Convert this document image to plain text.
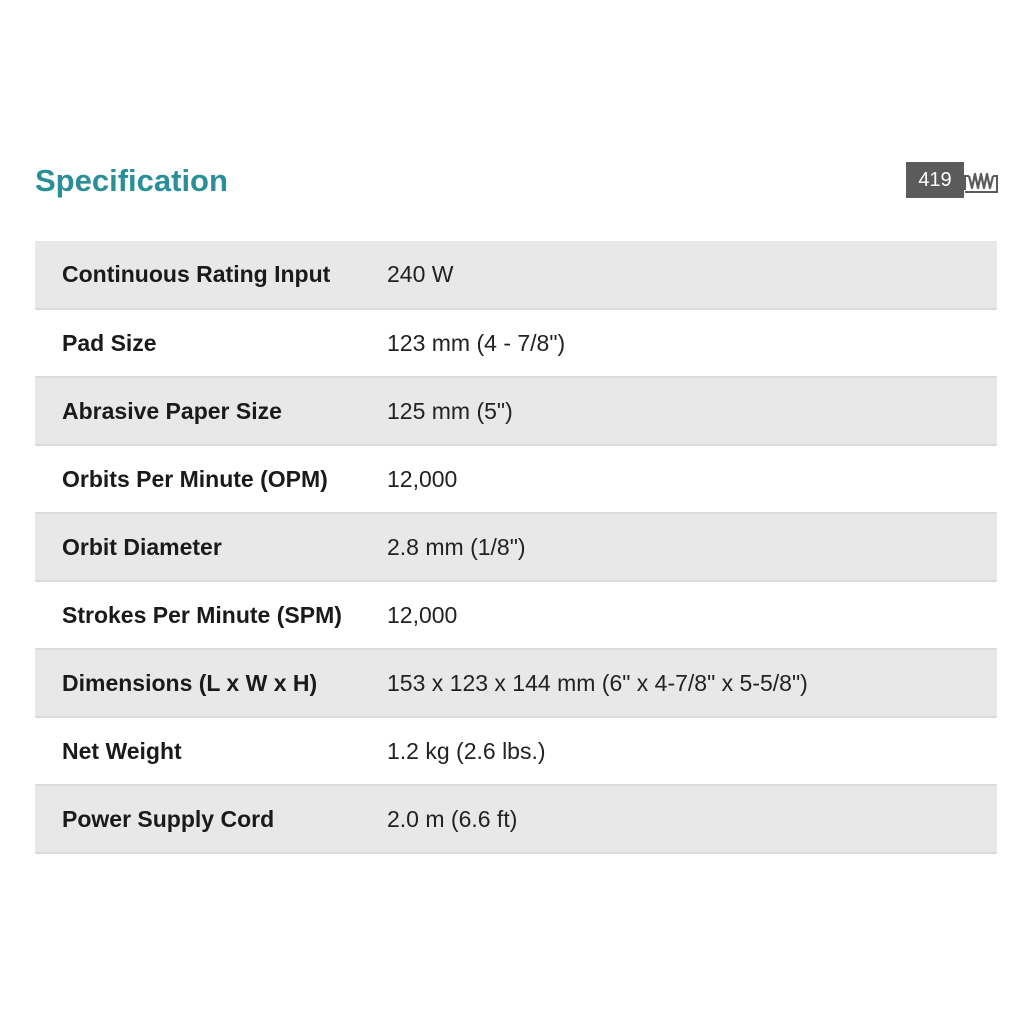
Specification	419
Continuous Rating Input	240 W
Pad Size	123 mm (4 - 7/8")
Abrasive Paper Size	125 mm (5")
Orbits Per Minute (OPM)	12,000
Orbit Diameter	2.8 mm (1/8")
Strokes Per Minute (SPM)	12,000
Dimensions (L x W x H)	153 x 123 x 144 mm (6" x 4-7/8" x 5-5/8")
Net Weight	1.2 kg (2.6 lbs.)
Power Supply Cord	2.0 m (6.6 ft)
